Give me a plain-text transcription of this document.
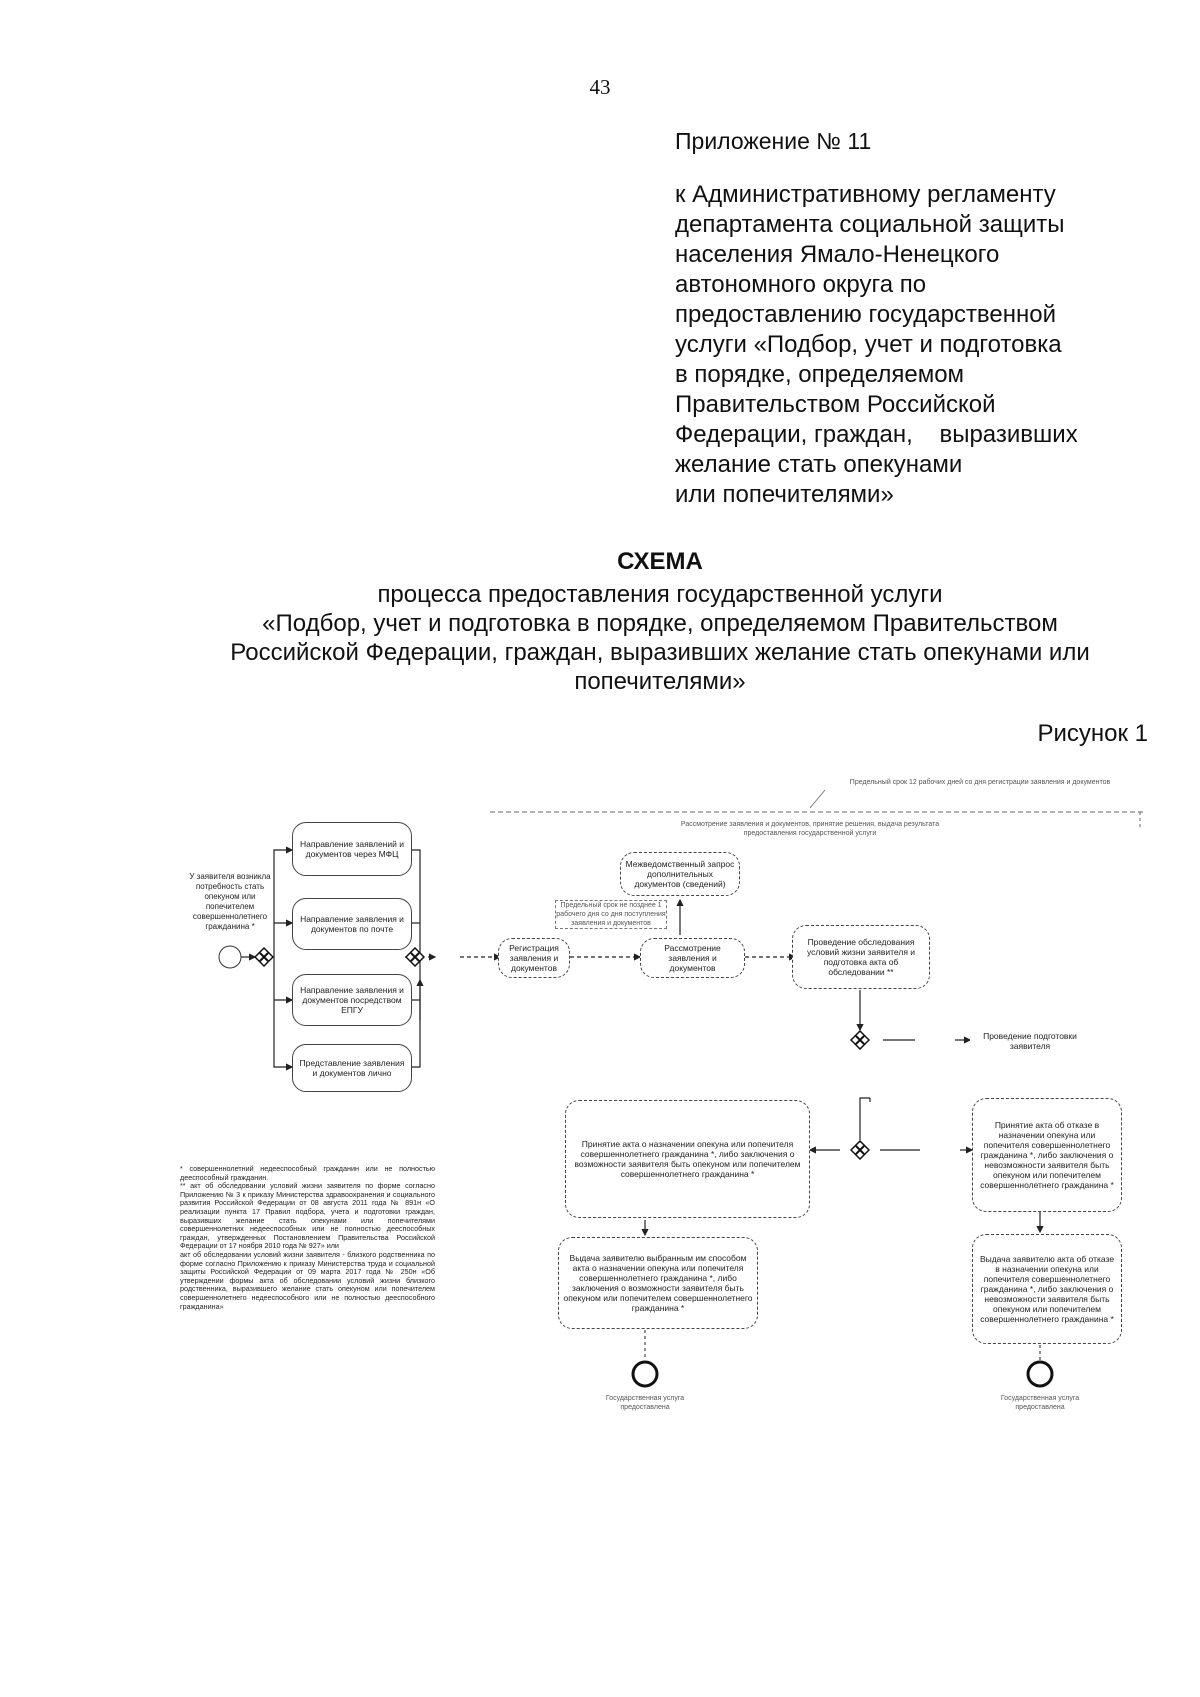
43
Приложение № 11
к Административному регламенту
департамента социальной защиты
населения Ямало-Ненецкого
автономного округа по
предоставлению государственной
услуги «Подбор, учет и подготовка
в порядке, определяемом
Правительством Российской
Федерации, граждан,    выразивших
желание стать опекунами
или попечителями»
СХЕМА
процесса предоставления государственной услуги
«Подбор, учет и подготовка в порядке, определяемом Правительством
Российской Федерации, граждан, выразивших желание стать опекунами или
попечителями»
Рисунок 1
Предельный срок 12 рабочих дней со дня регистрации заявления и документов
Рассмотрение заявления и документов, принятие решения, выдача результата предоставления государственной услуги
У заявителя возникла потребность стать опекуном или попечителем совершеннолетнего гражданина *
Направление заявлений и документов через МФЦ
Направление заявления и документов по почте
Направление заявления и документов посредством ЕПГУ
Представление заявления и документов лично
Регистрация заявления и документов
Межведомственный запрос дополнительных документов (сведений)
Предельный срок не позднее 1 рабочего дня со дня поступления заявления и документов
Рассмотрение заявления и документов
Проведение обследования условий жизни заявителя и подготовка акта об обследовании **
Проведение подготовки заявителя
Принятие акта о назначении опекуна или попечителя совершеннолетнего гражданина *, либо заключения о возможности заявителя быть опекуном или попечителем совершеннолетнего гражданина *
Принятие акта об отказе в назначении опекуна или попечителя совершеннолетнего гражданина *, либо заключения о невозможности заявителя быть опекуном или попечителем совершеннолетнего гражданина *
Выдача заявителю выбранным им способом акта о назначении опекуна или попечителя совершеннолетнего гражданина *, либо заключения о возможности заявителя быть опекуном или попечителем совершеннолетнего гражданина *
Выдача заявителю акта об отказе в назначении опекуна или попечителя совершеннолетнего гражданина *, либо заключения о невозможности заявителя быть опекуном или попечителем совершеннолетнего гражданина *
Государственная услуга предоставлена
Государственная услуга предоставлена
* совершеннолетний недееспособный гражданин или не полностью дееспособный гражданин.
** акт об обследовании условий жизни заявителя по форме согласно Приложению № 3 к приказу Министерства здравоохранения и социального развития Российской Федерации от 08 августа 2011 года № 891н «О реализации пункта 17 Правил подбора, учета и подготовки граждан, выразивших желание стать опекунами или попечителями совершеннолетних недееспособных или не полностью дееспособных граждан, утвержденных Постановлением Правительства Российской Федерации от 17 ноября 2010 года № 927» или
акт об обследовании условий жизни заявителя - близкого родственника по форме согласно Приложению к приказу Министерства труда и социальной защиты Российской Федерации от 09 марта 2017 года № 250н «Об утверждении формы акта об обследовании условий жизни близкого родственника, выразившего желание стать опекуном или попечителем совершеннолетнего недееспособного или не полностью дееспособного гражданина»
